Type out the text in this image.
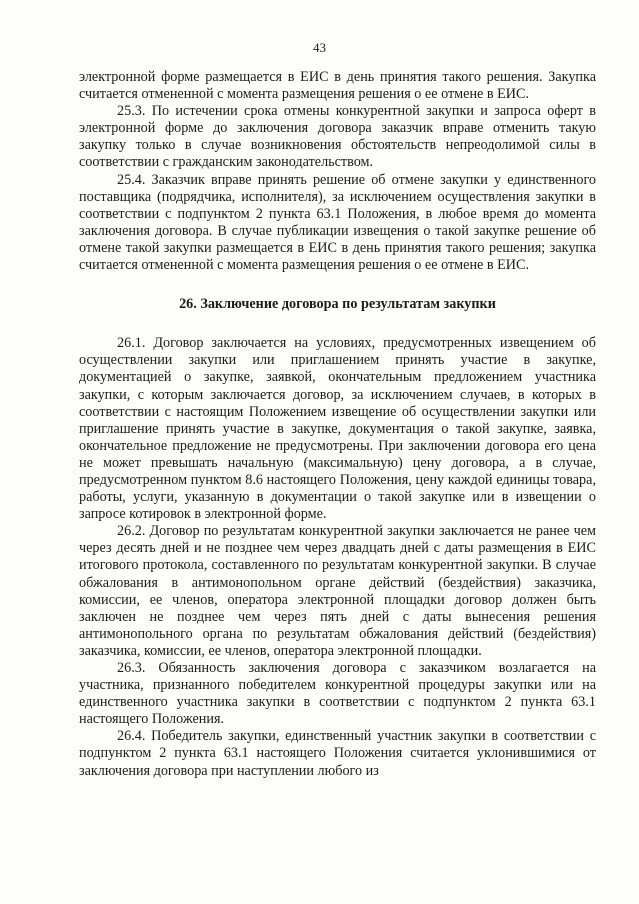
43

электронной форме размещается в ЕИС в день принятия такого решения. Закупка считается отмененной с момента размещения решения о ее отмене в ЕИС.

25.3. По истечении срока отмены конкурентной закупки и запроса оферт в электронной форме до заключения договора заказчик вправе отменить такую закупку только в случае возникновения обстоятельств непреодолимой силы в соответствии с гражданским законодательством.

25.4. Заказчик вправе принять решение об отмене закупки у единственного поставщика (подрядчика, исполнителя), за исключением осуществления закупки в соответствии с подпунктом 2 пункта 63.1 Положения, в любое время до момента заключения договора. В случае публикации извещения о такой закупке решение об отмене такой закупки размещается в ЕИС в день принятия такого решения; закупка считается отмененной с момента размещения решения о ее отмене в ЕИС.

26. Заключение договора по результатам закупки

26.1. Договор заключается на условиях, предусмотренных извещением об осуществлении закупки или приглашением принять участие в закупке, документацией о закупке, заявкой, окончательным предложением участника закупки, с которым заключается договор, за исключением случаев, в которых в соответствии с настоящим Положением извещение об осуществлении закупки или приглашение принять участие в закупке, документация о такой закупке, заявка, окончательное предложение не предусмотрены. При заключении договора его цена не может превышать начальную (максимальную) цену договора, а в случае, предусмотренном пунктом 8.6 настоящего Положения, цену каждой единицы товара, работы, услуги, указанную в документации о такой закупке или в извещении о запросе котировок в электронной форме.

26.2. Договор по результатам конкурентной закупки заключается не ранее чем через десять дней и не позднее чем через двадцать дней с даты размещения в ЕИС итогового протокола, составленного по результатам конкурентной закупки. В случае обжалования в антимонопольном органе действий (бездействия) заказчика, комиссии, ее членов, оператора электронной площадки договор должен быть заключен не позднее чем через пять дней с даты вынесения решения антимонопольного органа по результатам обжалования действий (бездействия) заказчика, комиссии, ее членов, оператора электронной площадки.

26.3. Обязанность заключения договора с заказчиком возлагается на участника, признанного победителем конкурентной процедуры закупки или на единственного участника закупки в соответствии с подпунктом 2 пункта 63.1 настоящего Положения.

26.4. Победитель закупки, единственный участник закупки в соответствии с подпунктом 2 пункта 63.1 настоящего Положения считается уклонившимися от заключения договора при наступлении любого из
